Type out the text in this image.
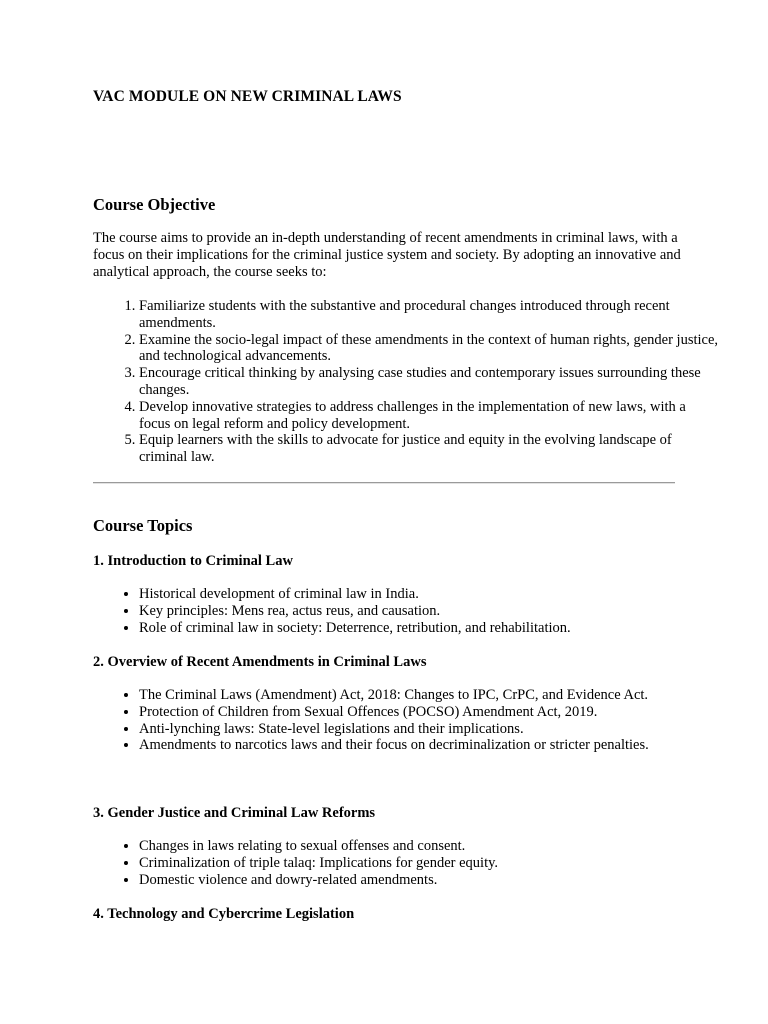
VAC MODULE ON NEW CRIMINAL LAWS
Course Objective

The course aims to provide an in-depth understanding of recent amendments in criminal laws, with a focus on their implications for the criminal justice system and society. By adopting an innovative and analytical approach, the course seeks to:

1. Familiarize students with the substantive and procedural changes introduced through recent amendments.
2. Examine the socio-legal impact of these amendments in the context of human rights, gender justice, and technological advancements.
3. Encourage critical thinking by analysing case studies and contemporary issues surrounding these changes.
4. Develop innovative strategies to address challenges in the implementation of new laws, with a focus on legal reform and policy development.
5. Equip learners with the skills to advocate for justice and equity in the evolving landscape of criminal law.
Course Topics
1. Introduction to Criminal Law
• Historical development of criminal law in India.
• Key principles: Mens rea, actus reus, and causation.
• Role of criminal law in society: Deterrence, retribution, and rehabilitation.
2. Overview of Recent Amendments in Criminal Laws
• The Criminal Laws (Amendment) Act, 2018: Changes to IPC, CrPC, and Evidence Act.
• Protection of Children from Sexual Offences (POCSO) Amendment Act, 2019.
• Anti-lynching laws: State-level legislations and their implications.
• Amendments to narcotics laws and their focus on decriminalization or stricter penalties.
3. Gender Justice and Criminal Law Reforms
• Changes in laws relating to sexual offenses and consent.
• Criminalization of triple talaq: Implications for gender equity.
• Domestic violence and dowry-related amendments.
4. Technology and Cybercrime Legislation
